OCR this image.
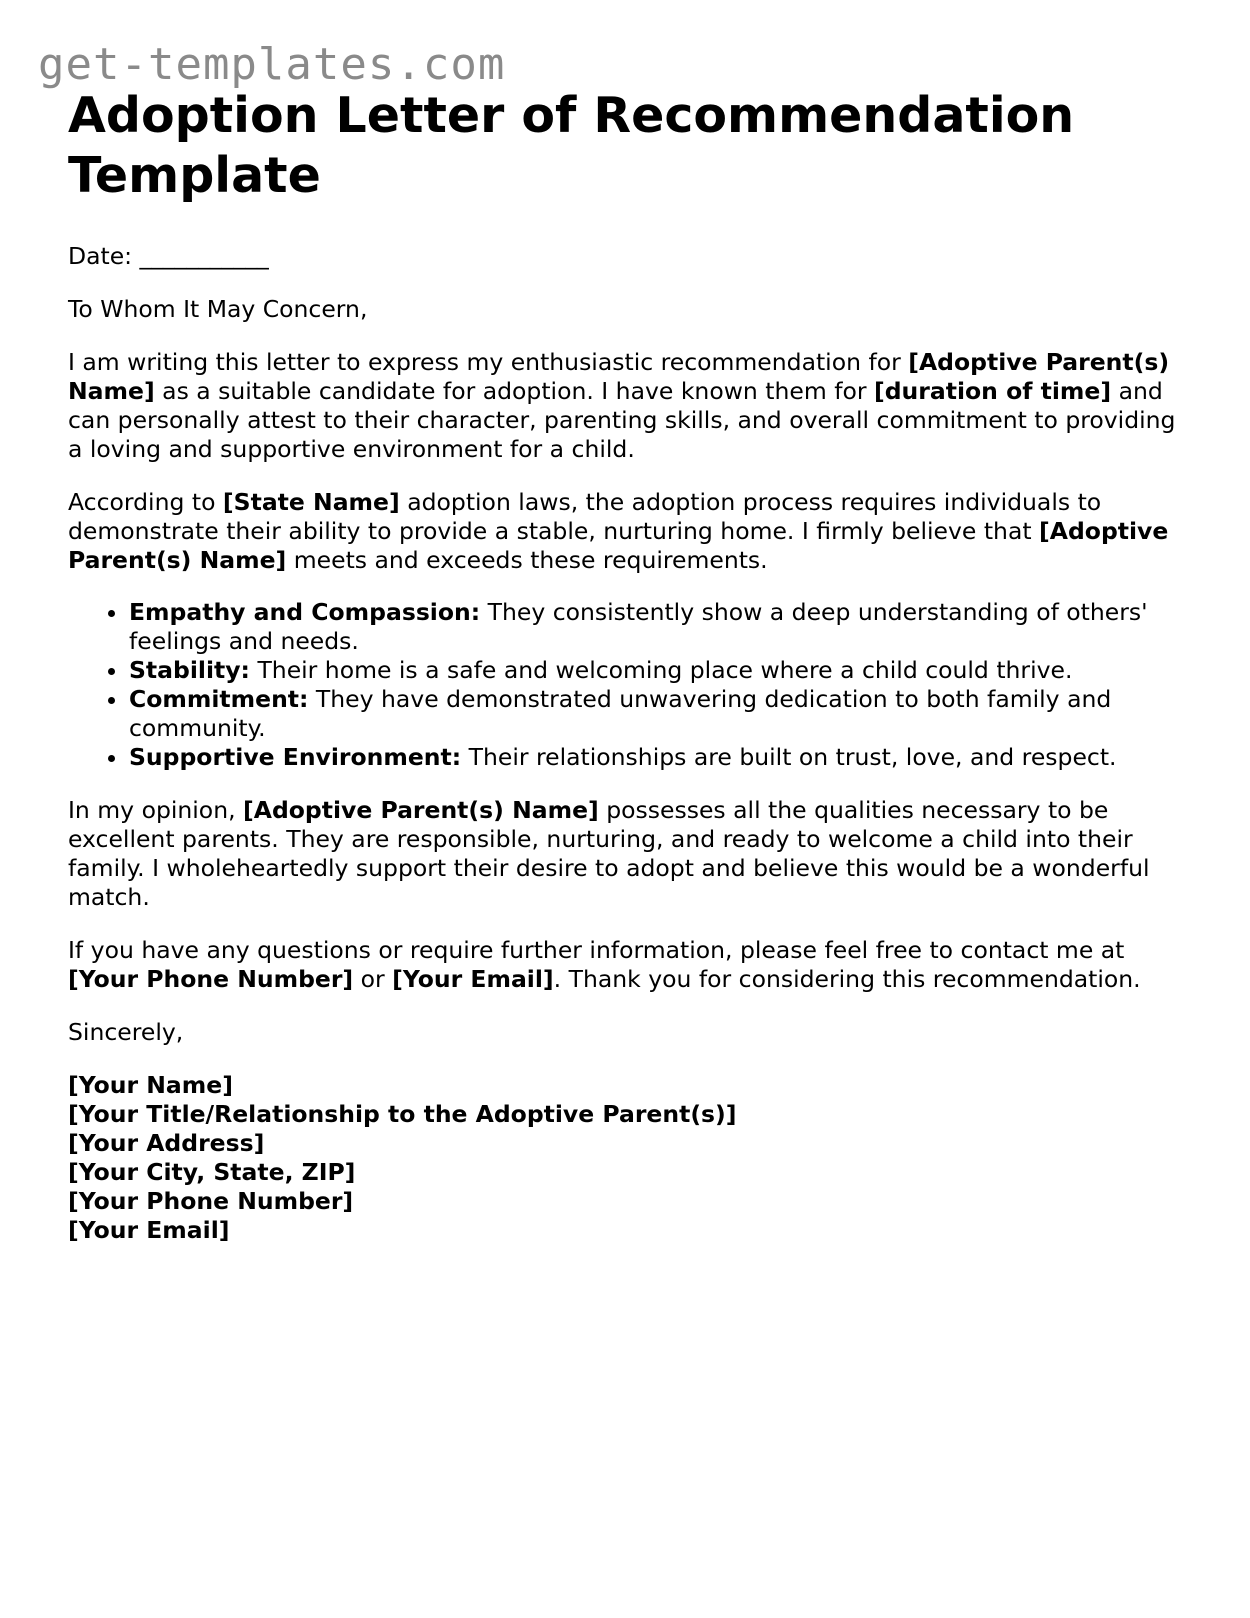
get-templates.com
Adoption Letter of Recommendation Template

Date: ___________

To Whom It May Concern,

I am writing this letter to express my enthusiastic recommendation for [Adoptive Parent(s) Name] as a suitable candidate for adoption. I have known them for [duration of time] and can personally attest to their character, parenting skills, and overall commitment to providing a loving and supportive environment for a child.

According to [State Name] adoption laws, the adoption process requires individuals to demonstrate their ability to provide a stable, nurturing home. I firmly believe that [Adoptive Parent(s) Name] meets and exceeds these requirements.

• Empathy and Compassion: They consistently show a deep understanding of others' feelings and needs.
• Stability: Their home is a safe and welcoming place where a child could thrive.
• Commitment: They have demonstrated unwavering dedication to both family and community.
• Supportive Environment: Their relationships are built on trust, love, and respect.

In my opinion, [Adoptive Parent(s) Name] possesses all the qualities necessary to be excellent parents. They are responsible, nurturing, and ready to welcome a child into their family. I wholeheartedly support their desire to adopt and believe this would be a wonderful match.

If you have any questions or require further information, please feel free to contact me at [Your Phone Number] or [Your Email]. Thank you for considering this recommendation.

Sincerely,

[Your Name]
[Your Title/Relationship to the Adoptive Parent(s)]
[Your Address]
[Your City, State, ZIP]
[Your Phone Number]
[Your Email]
